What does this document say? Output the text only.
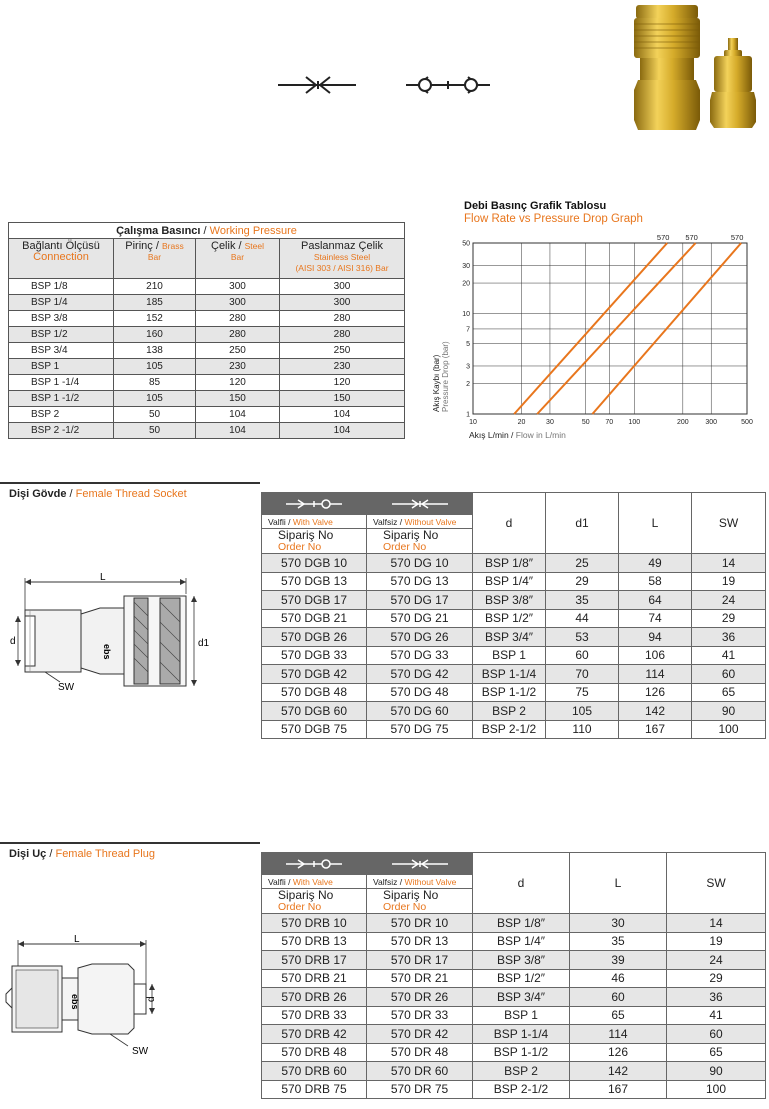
Çalışma Basıncı / Working Pressure			
Bağlantı Ölçüsü
Connection	Pirinç / Brass
Bar	Çelik / Steel
Bar	Paslanmaz Çelik
Stainless Steel
(AISI 303 / AISI 316) Bar
BSP 1/8	210	300	300
BSP 1/4	185	300	300
BSP 3/8	152	280	280
BSP 1/2	160	280	280
BSP 3/4	138	250	250
BSP 1	105	230	230
BSP 1 -1/4	85	120	120
BSP 1 -1/2	105	150	150
BSP 2	50	104	104
BSP 2 -1/2	50	104	104
Debi Basınç Grafik Tablosu
Flow Rate vs Pressure Drop Graph
10	20	30	50 70 100	200 300	500
1
2
3
5
7
10
20
30
50
570 570	570
Akış Kaybı (bar) Pressure Drop (bar)
Akış L/min / Flow in L/min
Dişi Gövde / Female Thread Socket
L
ebs
d	d1
SW
		d	d1	L	SW
Valfli / With Valve	Valfsiz / Without Valve				
Sipariş No
Order No	Sipariş No
Order No				
570 DGB 10	570 DG 10	BSP 1/8″	25	49	14
570 DGB 13	570 DG 13	BSP 1/4″	29	58	19
570 DGB 17	570 DG 17	BSP 3/8″	35	64	24
570 DGB 21	570 DG 21	BSP 1/2″	44	74	29
570 DGB 26	570 DG 26	BSP 3/4″	53	94	36
570 DGB 33	570 DG 33	BSP 1	60	106	41
570 DGB 42	570 DG 42	BSP 1-1/4	70	114	60
570 DGB 48	570 DG 48	BSP 1-1/2	75	126	65
570 DGB 60	570 DG 60	BSP 2	105	142	90
570 DGB 75	570 DG 75	BSP 2-1/2	110	167	100
Dişi Uç / Female Thread Plug
L
ebs	d
SW
		d	L	SW
Valfli / With Valve	Valfsiz / Without Valve			
Sipariş No
Order No	Sipariş No
Order No			
570 DRB 10	570 DR 10	BSP 1/8″	30	14
570 DRB 13	570 DR 13	BSP 1/4″	35	19
570 DRB 17	570 DR 17	BSP 3/8″	39	24
570 DRB 21	570 DR 21	BSP 1/2″	46	29
570 DRB 26	570 DR 26	BSP 3/4″	60	36
570 DRB 33	570 DR 33	BSP 1	65	41
570 DRB 42	570 DR 42	BSP 1-1/4	114	60
570 DRB 48	570 DR 48	BSP 1-1/2	126	65
570 DRB 60	570 DR 60	BSP 2	142	90
570 DRB 75	570 DR 75	BSP 2-1/2	167	100
